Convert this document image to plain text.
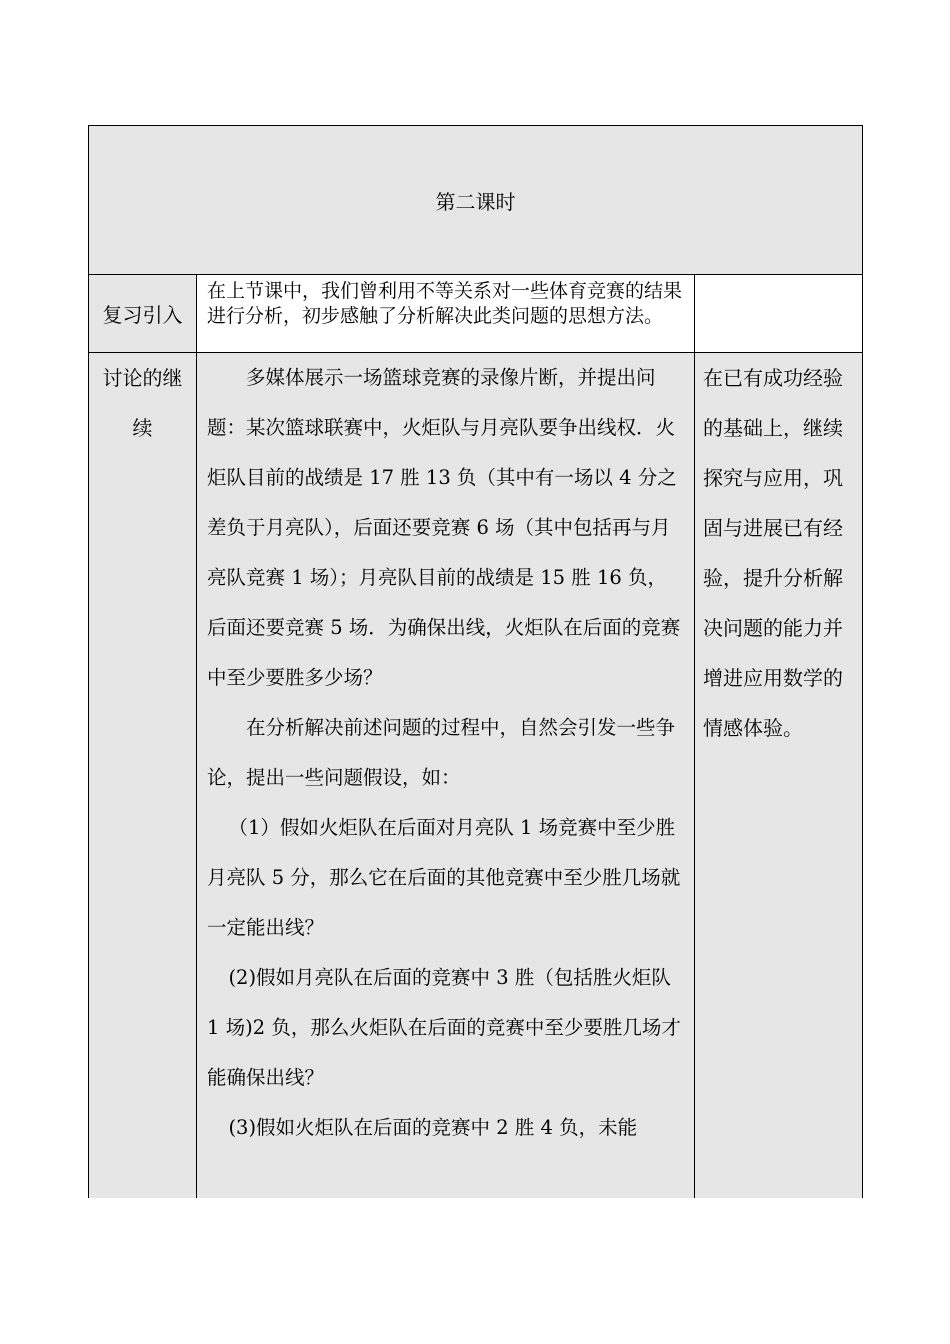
第二课时
复习引入
在上节课中，我们曾利用不等关系对一些体育竞赛的结果进行分析，初步感触了分析解决此类问题的思想方法。
讨论的继续

多媒体展示一场篮球竞赛的录像片断，并提出问题：某次篮球联赛中，火炬队与月亮队要争出线权．火炬队目前的战绩是 17 胜 13 负（其中有一场以 4 分之差负于月亮队），后面还要竞赛 6 场（其中包括再与月亮队竞赛 1 场）；月亮队目前的战绩是 15 胜 16 负，后面还要竞赛 5 场．为确保出线，火炬队在后面的竞赛中至少要胜多少场？

在分析解决前述问题的过程中，自然会引发一些争论，提出一些问题假设，如：

（1）假如火炬队在后面对月亮队 1 场竞赛中至少胜月亮队 5 分，那么它在后面的其他竞赛中至少胜几场就一定能出线？

(2)假如月亮队在后面的竞赛中 3 胜（包括胜火炬队 1 场)2 负，那么火炬队在后面的竞赛中至少要胜几场才能确保出线？

(3)假如火炬队在后面的竞赛中 2 胜 4 负，未能

在已有成功经验的基础上，继续探究与应用，巩固与进展已有经验，提升分析解决问题的能力并增进应用数学的情感体验。
